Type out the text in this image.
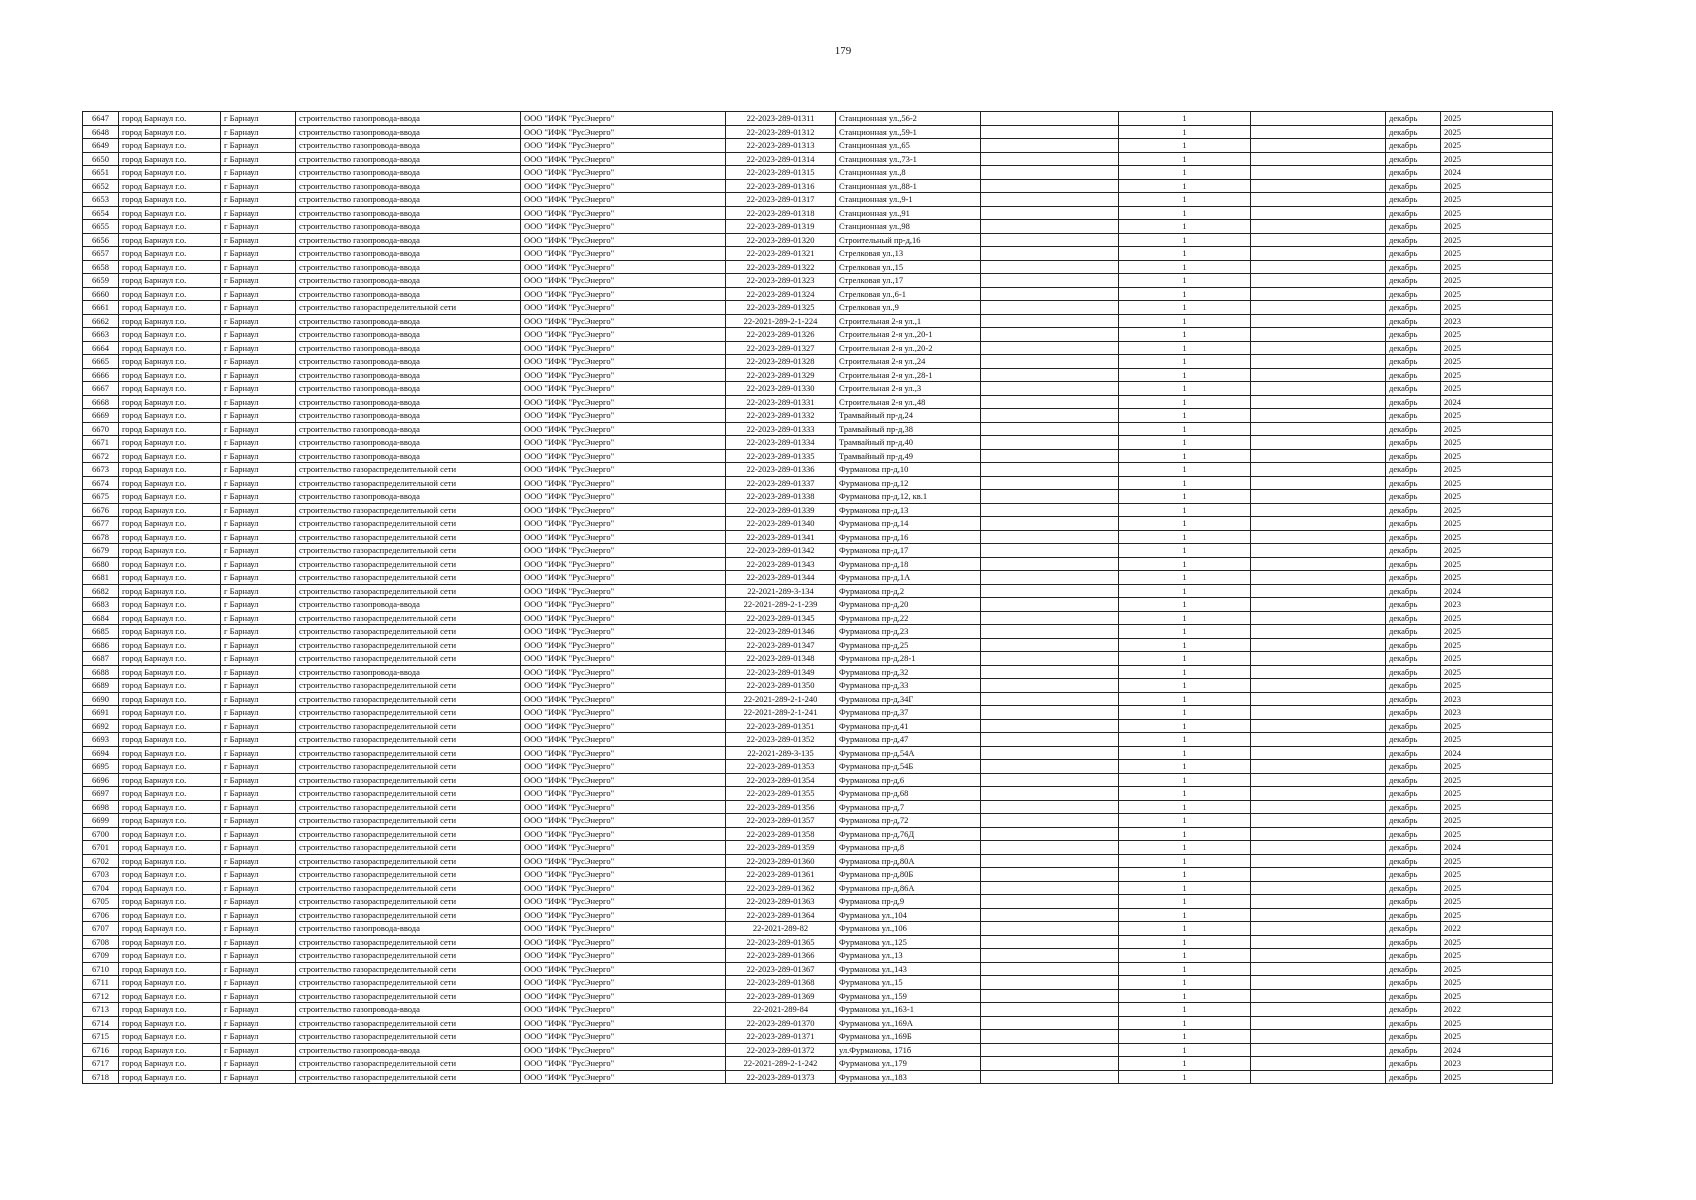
179
6647	город Барнаул г.о.	г Барнаул	строительство газопровода-ввода	ООО "ИФК "РусЭнерго"	22-2023-289-01311	Станционная ул.,56-2		1		декабрь	2025
6648	город Барнаул г.о.	г Барнаул	строительство газопровода-ввода	ООО "ИФК "РусЭнерго"	22-2023-289-01312	Станционная ул.,59-1		1		декабрь	2025
6649	город Барнаул г.о.	г Барнаул	строительство газопровода-ввода	ООО "ИФК "РусЭнерго"	22-2023-289-01313	Станционная ул.,65		1		декабрь	2025
6650	город Барнаул г.о.	г Барнаул	строительство газопровода-ввода	ООО "ИФК "РусЭнерго"	22-2023-289-01314	Станционная ул.,73-1		1		декабрь	2025
6651	город Барнаул г.о.	г Барнаул	строительство газопровода-ввода	ООО "ИФК "РусЭнерго"	22-2023-289-01315	Станционная ул.,8		1		декабрь	2024
6652	город Барнаул г.о.	г Барнаул	строительство газопровода-ввода	ООО "ИФК "РусЭнерго"	22-2023-289-01316	Станционная ул.,88-1		1		декабрь	2025
6653	город Барнаул г.о.	г Барнаул	строительство газопровода-ввода	ООО "ИФК "РусЭнерго"	22-2023-289-01317	Станционная ул.,9-1		1		декабрь	2025
6654	город Барнаул г.о.	г Барнаул	строительство газопровода-ввода	ООО "ИФК "РусЭнерго"	22-2023-289-01318	Станционная ул.,91		1		декабрь	2025
6655	город Барнаул г.о.	г Барнаул	строительство газопровода-ввода	ООО "ИФК "РусЭнерго"	22-2023-289-01319	Станционная ул.,98		1		декабрь	2025
6656	город Барнаул г.о.	г Барнаул	строительство газопровода-ввода	ООО "ИФК "РусЭнерго"	22-2023-289-01320	Строительный пр-д,16		1		декабрь	2025
6657	город Барнаул г.о.	г Барнаул	строительство газопровода-ввода	ООО "ИФК "РусЭнерго"	22-2023-289-01321	Стрелковая ул.,13		1		декабрь	2025
6658	город Барнаул г.о.	г Барнаул	строительство газопровода-ввода	ООО "ИФК "РусЭнерго"	22-2023-289-01322	Стрелковая ул.,15		1		декабрь	2025
6659	город Барнаул г.о.	г Барнаул	строительство газопровода-ввода	ООО "ИФК "РусЭнерго"	22-2023-289-01323	Стрелковая ул.,17		1		декабрь	2025
6660	город Барнаул г.о.	г Барнаул	строительство газопровода-ввода	ООО "ИФК "РусЭнерго"	22-2023-289-01324	Стрелковая ул.,6-1		1		декабрь	2025
6661	город Барнаул г.о.	г Барнаул	строительство газораспределительной сети	ООО "ИФК "РусЭнерго"	22-2023-289-01325	Стрелковая ул.,9		1		декабрь	2025
6662	город Барнаул г.о.	г Барнаул	строительство газопровода-ввода	ООО "ИФК "РусЭнерго"	22-2021-289-2-1-224	Строительная 2-я ул.,1		1		декабрь	2023
6663	город Барнаул г.о.	г Барнаул	строительство газопровода-ввода	ООО "ИФК "РусЭнерго"	22-2023-289-01326	Строительная 2-я ул.,20-1		1		декабрь	2025
6664	город Барнаул г.о.	г Барнаул	строительство газопровода-ввода	ООО "ИФК "РусЭнерго"	22-2023-289-01327	Строительная 2-я ул.,20-2		1		декабрь	2025
6665	город Барнаул г.о.	г Барнаул	строительство газопровода-ввода	ООО "ИФК "РусЭнерго"	22-2023-289-01328	Строительная 2-я ул.,24		1		декабрь	2025
6666	город Барнаул г.о.	г Барнаул	строительство газопровода-ввода	ООО "ИФК "РусЭнерго"	22-2023-289-01329	Строительная 2-я ул.,28-1		1		декабрь	2025
6667	город Барнаул г.о.	г Барнаул	строительство газопровода-ввода	ООО "ИФК "РусЭнерго"	22-2023-289-01330	Строительная 2-я ул.,3		1		декабрь	2025
6668	город Барнаул г.о.	г Барнаул	строительство газопровода-ввода	ООО "ИФК "РусЭнерго"	22-2023-289-01331	Строительная 2-я ул.,48		1		декабрь	2024
6669	город Барнаул г.о.	г Барнаул	строительство газопровода-ввода	ООО "ИФК "РусЭнерго"	22-2023-289-01332	Трамвайный пр-д,24		1		декабрь	2025
6670	город Барнаул г.о.	г Барнаул	строительство газопровода-ввода	ООО "ИФК "РусЭнерго"	22-2023-289-01333	Трамвайный пр-д,38		1		декабрь	2025
6671	город Барнаул г.о.	г Барнаул	строительство газопровода-ввода	ООО "ИФК "РусЭнерго"	22-2023-289-01334	Трамвайный пр-д,40		1		декабрь	2025
6672	город Барнаул г.о.	г Барнаул	строительство газопровода-ввода	ООО "ИФК "РусЭнерго"	22-2023-289-01335	Трамвайный пр-д,49		1		декабрь	2025
6673	город Барнаул г.о.	г Барнаул	строительство газораспределительной сети	ООО "ИФК "РусЭнерго"	22-2023-289-01336	Фурманова пр-д,10		1		декабрь	2025
6674	город Барнаул г.о.	г Барнаул	строительство газораспределительной сети	ООО "ИФК "РусЭнерго"	22-2023-289-01337	Фурманова пр-д,12		1		декабрь	2025
6675	город Барнаул г.о.	г Барнаул	строительство газопровода-ввода	ООО "ИФК "РусЭнерго"	22-2023-289-01338	Фурманова пр-д,12, кв.1		1		декабрь	2025
6676	город Барнаул г.о.	г Барнаул	строительство газораспределительной сети	ООО "ИФК "РусЭнерго"	22-2023-289-01339	Фурманова пр-д,13		1		декабрь	2025
6677	город Барнаул г.о.	г Барнаул	строительство газораспределительной сети	ООО "ИФК "РусЭнерго"	22-2023-289-01340	Фурманова пр-д,14		1		декабрь	2025
6678	город Барнаул г.о.	г Барнаул	строительство газораспределительной сети	ООО "ИФК "РусЭнерго"	22-2023-289-01341	Фурманова пр-д,16		1		декабрь	2025
6679	город Барнаул г.о.	г Барнаул	строительство газораспределительной сети	ООО "ИФК "РусЭнерго"	22-2023-289-01342	Фурманова пр-д,17		1		декабрь	2025
6680	город Барнаул г.о.	г Барнаул	строительство газораспределительной сети	ООО "ИФК "РусЭнерго"	22-2023-289-01343	Фурманова пр-д,18		1		декабрь	2025
6681	город Барнаул г.о.	г Барнаул	строительство газораспределительной сети	ООО "ИФК "РусЭнерго"	22-2023-289-01344	Фурманова пр-д,1А		1		декабрь	2025
6682	город Барнаул г.о.	г Барнаул	строительство газораспределительной сети	ООО "ИФК "РусЭнерго"	22-2021-289-3-134	Фурманова пр-д,2		1		декабрь	2024
6683	город Барнаул г.о.	г Барнаул	строительство газопровода-ввода	ООО "ИФК "РусЭнерго"	22-2021-289-2-1-239	Фурманова пр-д,20		1		декабрь	2023
6684	город Барнаул г.о.	г Барнаул	строительство газораспределительной сети	ООО "ИФК "РусЭнерго"	22-2023-289-01345	Фурманова пр-д,22		1		декабрь	2025
6685	город Барнаул г.о.	г Барнаул	строительство газораспределительной сети	ООО "ИФК "РусЭнерго"	22-2023-289-01346	Фурманова пр-д,23		1		декабрь	2025
6686	город Барнаул г.о.	г Барнаул	строительство газораспределительной сети	ООО "ИФК "РусЭнерго"	22-2023-289-01347	Фурманова пр-д,25		1		декабрь	2025
6687	город Барнаул г.о.	г Барнаул	строительство газораспределительной сети	ООО "ИФК "РусЭнерго"	22-2023-289-01348	Фурманова пр-д,28-1		1		декабрь	2025
6688	город Барнаул г.о.	г Барнаул	строительство газопровода-ввода	ООО "ИФК "РусЭнерго"	22-2023-289-01349	Фурманова пр-д,32		1		декабрь	2025
6689	город Барнаул г.о.	г Барнаул	строительство газораспределительной сети	ООО "ИФК "РусЭнерго"	22-2023-289-01350	Фурманова пр-д,33		1		декабрь	2025
6690	город Барнаул г.о.	г Барнаул	строительство газораспределительной сети	ООО "ИФК "РусЭнерго"	22-2021-289-2-1-240	Фурманова пр-д,34Г		1		декабрь	2023
6691	город Барнаул г.о.	г Барнаул	строительство газораспределительной сети	ООО "ИФК "РусЭнерго"	22-2021-289-2-1-241	Фурманова пр-д,37		1		декабрь	2023
6692	город Барнаул г.о.	г Барнаул	строительство газораспределительной сети	ООО "ИФК "РусЭнерго"	22-2023-289-01351	Фурманова пр-д,41		1		декабрь	2025
6693	город Барнаул г.о.	г Барнаул	строительство газораспределительной сети	ООО "ИФК "РусЭнерго"	22-2023-289-01352	Фурманова пр-д,47		1		декабрь	2025
6694	город Барнаул г.о.	г Барнаул	строительство газораспределительной сети	ООО "ИФК "РусЭнерго"	22-2021-289-3-135	Фурманова пр-д,54А		1		декабрь	2024
6695	город Барнаул г.о.	г Барнаул	строительство газораспределительной сети	ООО "ИФК "РусЭнерго"	22-2023-289-01353	Фурманова пр-д,54Б		1		декабрь	2025
6696	город Барнаул г.о.	г Барнаул	строительство газораспределительной сети	ООО "ИФК "РусЭнерго"	22-2023-289-01354	Фурманова пр-д,6		1		декабрь	2025
6697	город Барнаул г.о.	г Барнаул	строительство газораспределительной сети	ООО "ИФК "РусЭнерго"	22-2023-289-01355	Фурманова пр-д,68		1		декабрь	2025
6698	город Барнаул г.о.	г Барнаул	строительство газораспределительной сети	ООО "ИФК "РусЭнерго"	22-2023-289-01356	Фурманова пр-д,7		1		декабрь	2025
6699	город Барнаул г.о.	г Барнаул	строительство газораспределительной сети	ООО "ИФК "РусЭнерго"	22-2023-289-01357	Фурманова пр-д,72		1		декабрь	2025
6700	город Барнаул г.о.	г Барнаул	строительство газораспределительной сети	ООО "ИФК "РусЭнерго"	22-2023-289-01358	Фурманова пр-д,76Д		1		декабрь	2025
6701	город Барнаул г.о.	г Барнаул	строительство газораспределительной сети	ООО "ИФК "РусЭнерго"	22-2023-289-01359	Фурманова пр-д,8		1		декабрь	2024
6702	город Барнаул г.о.	г Барнаул	строительство газораспределительной сети	ООО "ИФК "РусЭнерго"	22-2023-289-01360	Фурманова пр-д,80А		1		декабрь	2025
6703	город Барнаул г.о.	г Барнаул	строительство газораспределительной сети	ООО "ИФК "РусЭнерго"	22-2023-289-01361	Фурманова пр-д,80Б		1		декабрь	2025
6704	город Барнаул г.о.	г Барнаул	строительство газораспределительной сети	ООО "ИФК "РусЭнерго"	22-2023-289-01362	Фурманова пр-д,86А		1		декабрь	2025
6705	город Барнаул г.о.	г Барнаул	строительство газораспределительной сети	ООО "ИФК "РусЭнерго"	22-2023-289-01363	Фурманова пр-д,9		1		декабрь	2025
6706	город Барнаул г.о.	г Барнаул	строительство газораспределительной сети	ООО "ИФК "РусЭнерго"	22-2023-289-01364	Фурманова ул.,104		1		декабрь	2025
6707	город Барнаул г.о.	г Барнаул	строительство газопровода-ввода	ООО "ИФК "РусЭнерго"	22-2021-289-82	Фурманова ул.,106		1		декабрь	2022
6708	город Барнаул г.о.	г Барнаул	строительство газораспределительной сети	ООО "ИФК "РусЭнерго"	22-2023-289-01365	Фурманова ул.,125		1		декабрь	2025
6709	город Барнаул г.о.	г Барнаул	строительство газораспределительной сети	ООО "ИФК "РусЭнерго"	22-2023-289-01366	Фурманова ул.,13		1		декабрь	2025
6710	город Барнаул г.о.	г Барнаул	строительство газораспределительной сети	ООО "ИФК "РусЭнерго"	22-2023-289-01367	Фурманова ул.,143		1		декабрь	2025
6711	город Барнаул г.о.	г Барнаул	строительство газораспределительной сети	ООО "ИФК "РусЭнерго"	22-2023-289-01368	Фурманова ул.,15		1		декабрь	2025
6712	город Барнаул г.о.	г Барнаул	строительство газораспределительной сети	ООО "ИФК "РусЭнерго"	22-2023-289-01369	Фурманова ул.,159		1		декабрь	2025
6713	город Барнаул г.о.	г Барнаул	строительство газопровода-ввода	ООО "ИФК "РусЭнерго"	22-2021-289-84	Фурманова ул.,163-1		1		декабрь	2022
6714	город Барнаул г.о.	г Барнаул	строительство газораспределительной сети	ООО "ИФК "РусЭнерго"	22-2023-289-01370	Фурманова ул.,169А		1		декабрь	2025
6715	город Барнаул г.о.	г Барнаул	строительство газораспределительной сети	ООО "ИФК "РусЭнерго"	22-2023-289-01371	Фурманова ул.,169Б		1		декабрь	2025
6716	город Барнаул г.о.	г Барнаул	строительство газопровода-ввода	ООО "ИФК "РусЭнерго"	22-2023-289-01372	ул.Фурманова, 171б		1		декабрь	2024
6717	город Барнаул г.о.	г Барнаул	строительство газораспределительной сети	ООО "ИФК "РусЭнерго"	22-2021-289-2-1-242	Фурманова ул.,179		1		декабрь	2023
6718	город Барнаул г.о.	г Барнаул	строительство газораспределительной сети	ООО "ИФК "РусЭнерго"	22-2023-289-01373	Фурманова ул.,183		1		декабрь	2025
